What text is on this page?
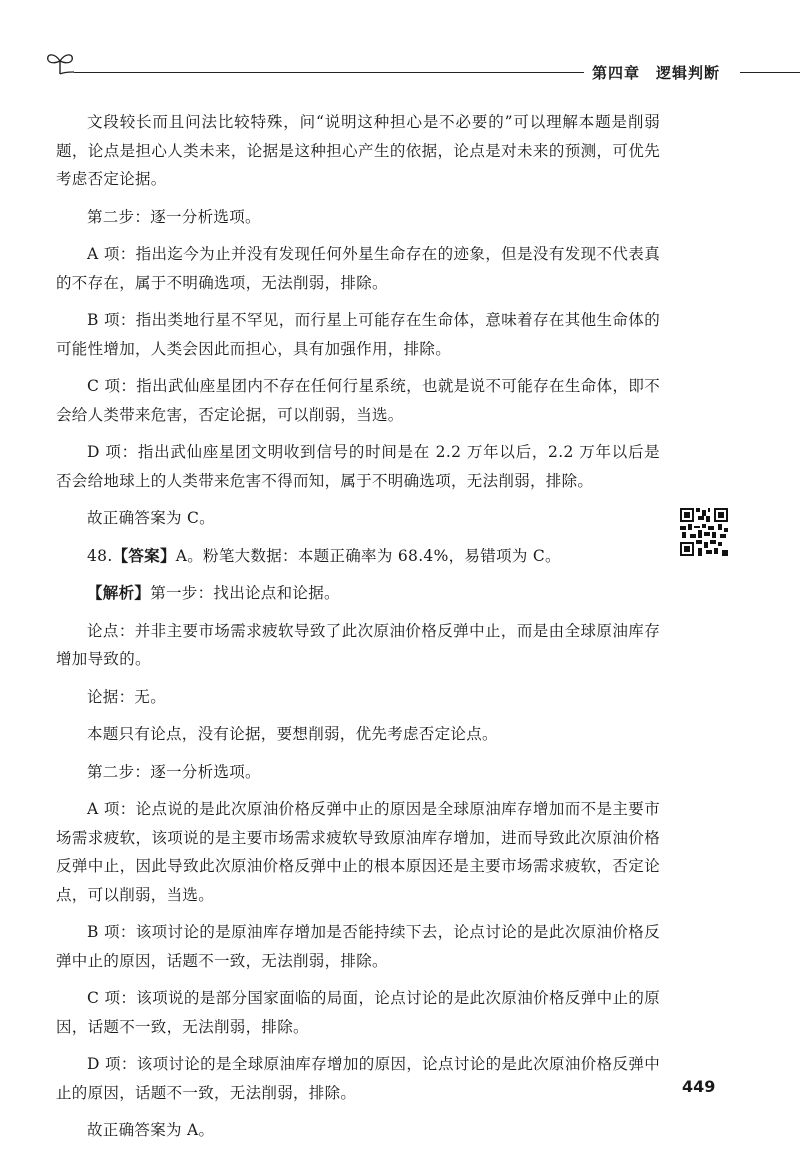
第四章 逻辑判断

文段较长而且问法比较特殊，问“说明这种担心是不必要的”可以理解本题是削弱题，论点是担心人类未来，论据是这种担心产生的依据，论点是对未来的预测，可优先考虑否定论据。

第二步：逐一分析选项。

A 项：指出迄今为止并没有发现任何外星生命存在的迹象，但是没有发现不代表真的不存在，属于不明确选项，无法削弱，排除。

B 项：指出类地行星不罕见，而行星上可能存在生命体，意味着存在其他生命体的可能性增加，人类会因此而担心，具有加强作用，排除。

C 项：指出武仙座星团内不存在任何行星系统，也就是说不可能存在生命体，即不会给人类带来危害，否定论据，可以削弱，当选。

D 项：指出武仙座星团文明收到信号的时间是在 2.2 万年以后，2.2 万年以后是否会给地球上的人类带来危害不得而知，属于不明确选项，无法削弱，排除。

故正确答案为 C。

48.【答案】A。粉笔大数据：本题正确率为 68.4%，易错项为 C。

【解析】第一步：找出论点和论据。

论点：并非主要市场需求疲软导致了此次原油价格反弹中止，而是由全球原油库存增加导致的。

论据：无。

本题只有论点，没有论据，要想削弱，优先考虑否定论点。

第二步：逐一分析选项。

A 项：论点说的是此次原油价格反弹中止的原因是全球原油库存增加而不是主要市场需求疲软，该项说的是主要市场需求疲软导致原油库存增加，进而导致此次原油价格反弹中止，因此导致此次原油价格反弹中止的根本原因还是主要市场需求疲软，否定论点，可以削弱，当选。

B 项：该项讨论的是原油库存增加是否能持续下去，论点讨论的是此次原油价格反弹中止的原因，话题不一致，无法削弱，排除。

C 项：该项说的是部分国家面临的局面，论点讨论的是此次原油价格反弹中止的原因，话题不一致，无法削弱，排除。

D 项：该项讨论的是全球原油库存增加的原因，论点讨论的是此次原油价格反弹中止的原因，话题不一致，无法削弱，排除。

故正确答案为 A。

449
